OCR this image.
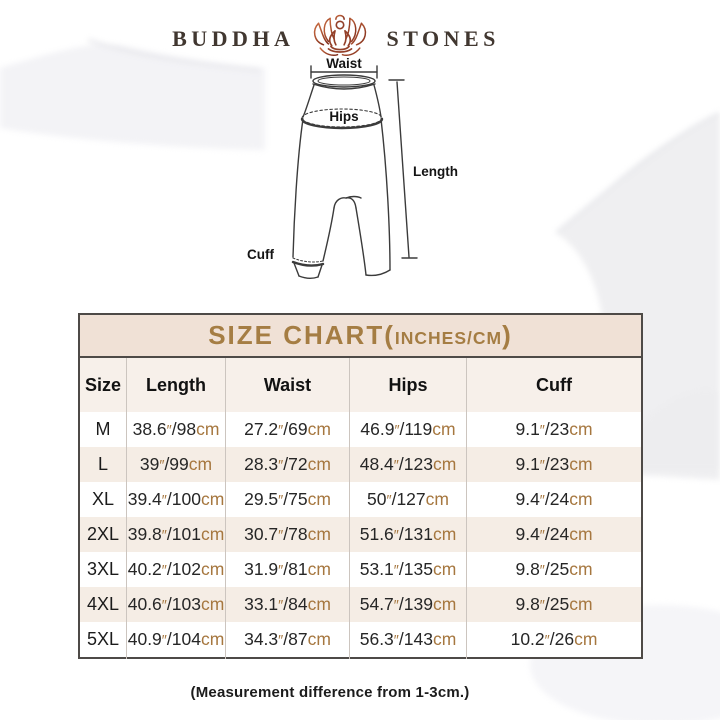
BUDDHA	STONES
Waist
Hips
Length
Cuff
SIZE CHART(INCHES/CM)
Size	Length	Waist	Hips	Cuff
M	38.6″/98cm	27.2″/69cm	46.9″/119cm	9.1″/23cm
L	39″/99cm	28.3″/72cm	48.4″/123cm	9.1″/23cm
XL 39.4″/100cm	29.5″/75cm	50″/127cm	9.4″/24cm
2XL 39.8″/101cm	30.7″/78cm	51.6″/131cm	9.4″/24cm
3XL 40.2″/102cm	31.9″/81cm	53.1″/135cm	9.8″/25cm
4XL 40.6″/103cm	33.1″/84cm	54.7″/139cm	9.8″/25cm
5XL 40.9″/104cm	34.3″/87cm	56.3″/143cm	10.2″/26cm
(Measurement difference from 1-3cm.)
